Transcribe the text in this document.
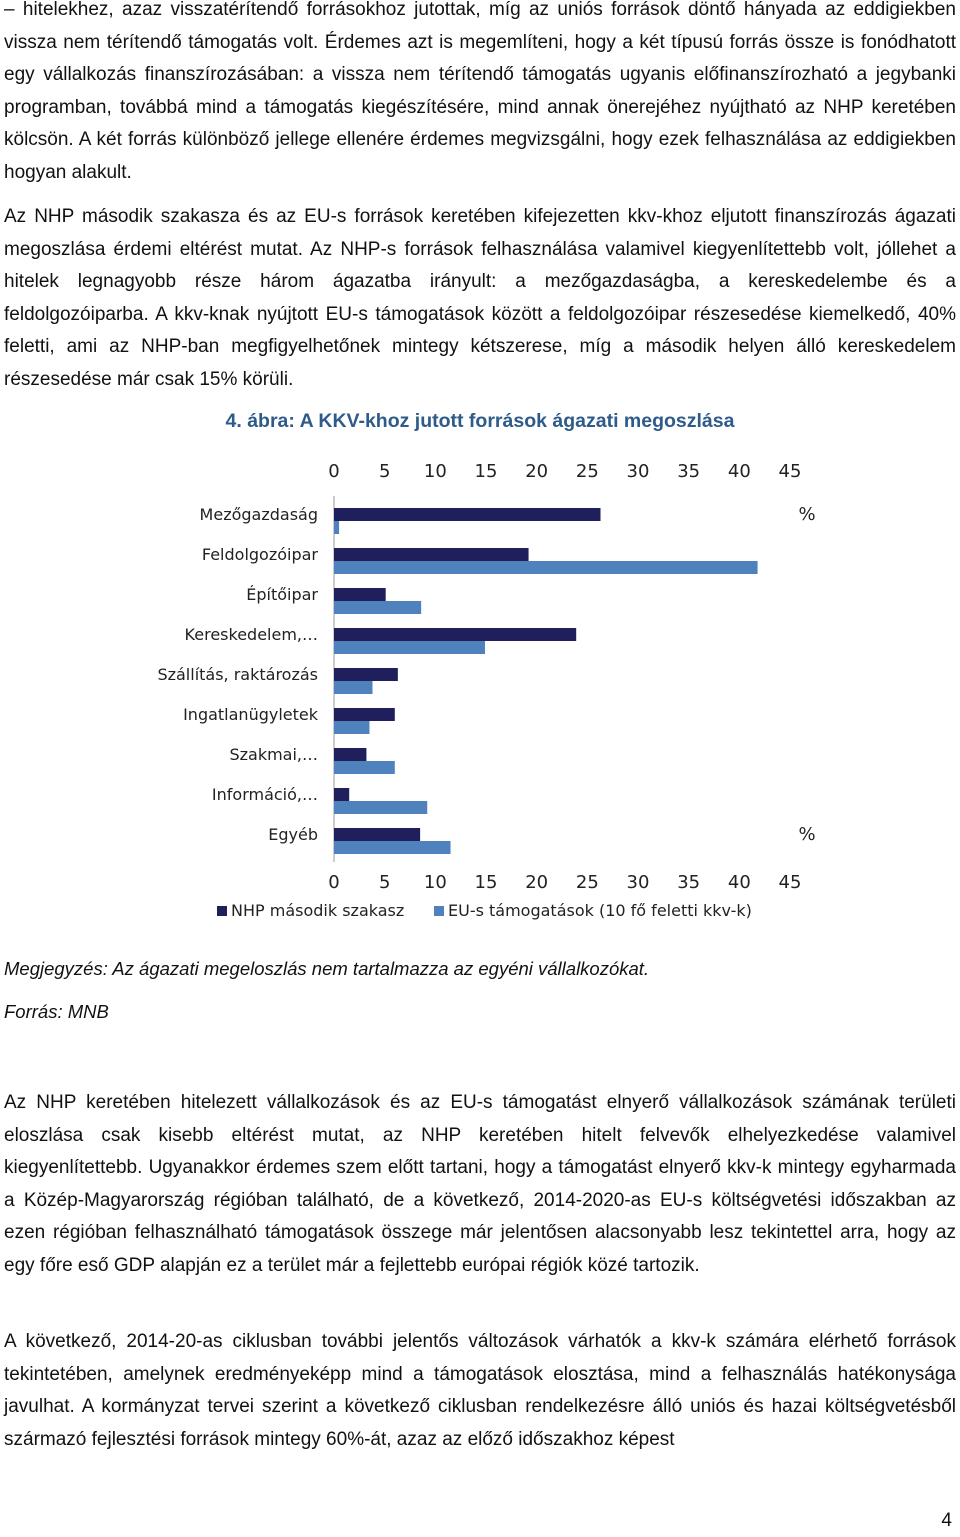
– hitelekhez, azaz visszatérítendő forrásokhoz jutottak, míg az uniós források döntő hányada az eddigiekben vissza nem térítendő támogatás volt. Érdemes azt is megemlíteni, hogy a két típusú forrás össze is fonódhatott egy vállalkozás finanszírozásában: a vissza nem térítendő támogatás ugyanis előfinanszírozható a jegybanki programban, továbbá mind a támogatás kiegészítésére, mind annak önerejéhez nyújtható az NHP keretében kölcsön. A két forrás különböző jellege ellenére érdemes megvizsgálni, hogy ezek felhasználása az eddigiekben hogyan alakult.

Az NHP második szakasza és az EU-s források keretében kifejezetten kkv-khoz eljutott finanszírozás ágazati megoszlása érdemi eltérést mutat. Az NHP-s források felhasználása valamivel kiegyenlítettebb volt, jóllehet a hitelek legnagyobb része három ágazatba irányult: a mezőgazdaságba, a kereskedelembe és a feldolgozóiparba. A kkv-knak nyújtott EU-s támogatások között a feldolgozóipar részesedése kiemelkedő, 40% feletti, ami az NHP-ban megfigyelhetőnek mintegy kétszerese, míg a második helyen álló kereskedelem részesedése már csak 15% körüli.

4. ábra: A KKV-khoz jutott források ágazati megoszlása
0
0
5
5
10
10
15
15
20
20
25
25
30
30
35
35
40
40
45
45
%
%
Mezőgazdaság
Feldolgozóipar
Építőipar
Kereskedelem,…
Szállítás, raktározás
Ingatlanügyletek
Szakmai,…
Információ,…
Egyéb
NHP második szakasz	EU-s támogatások (10 fő feletti kkv-k)
Megjegyzés: Az ágazati megeloszlás nem tartalmazza az egyéni vállalkozókat.
Forrás: MNB

Az NHP keretében hitelezett vállalkozások és az EU-s támogatást elnyerő vállalkozások számának területi eloszlása csak kisebb eltérést mutat, az NHP keretében hitelt felvevők elhelyezkedése valamivel kiegyenlítettebb. Ugyanakkor érdemes szem előtt tartani, hogy a támogatást elnyerő kkv-k mintegy egyharmada a Közép-Magyarország régióban található, de a következő, 2014-2020-as EU-s költségvetési időszakban az ezen régióban felhasználható támogatások összege már jelentősen alacsonyabb lesz tekintettel arra, hogy az egy főre eső GDP alapján ez a terület már a fejlettebb európai régiók közé tartozik.

A következő, 2014-20-as ciklusban további jelentős változások várhatók a kkv-k számára elérhető források tekintetében, amelynek eredményeképp mind a támogatások elosztása, mind a felhasználás hatékonysága javulhat. A kormányzat tervei szerint a következő ciklusban rendelkezésre álló uniós és hazai költségvetésből származó fejlesztési források mintegy 60%-át, azaz az előző időszakhoz képest

4
